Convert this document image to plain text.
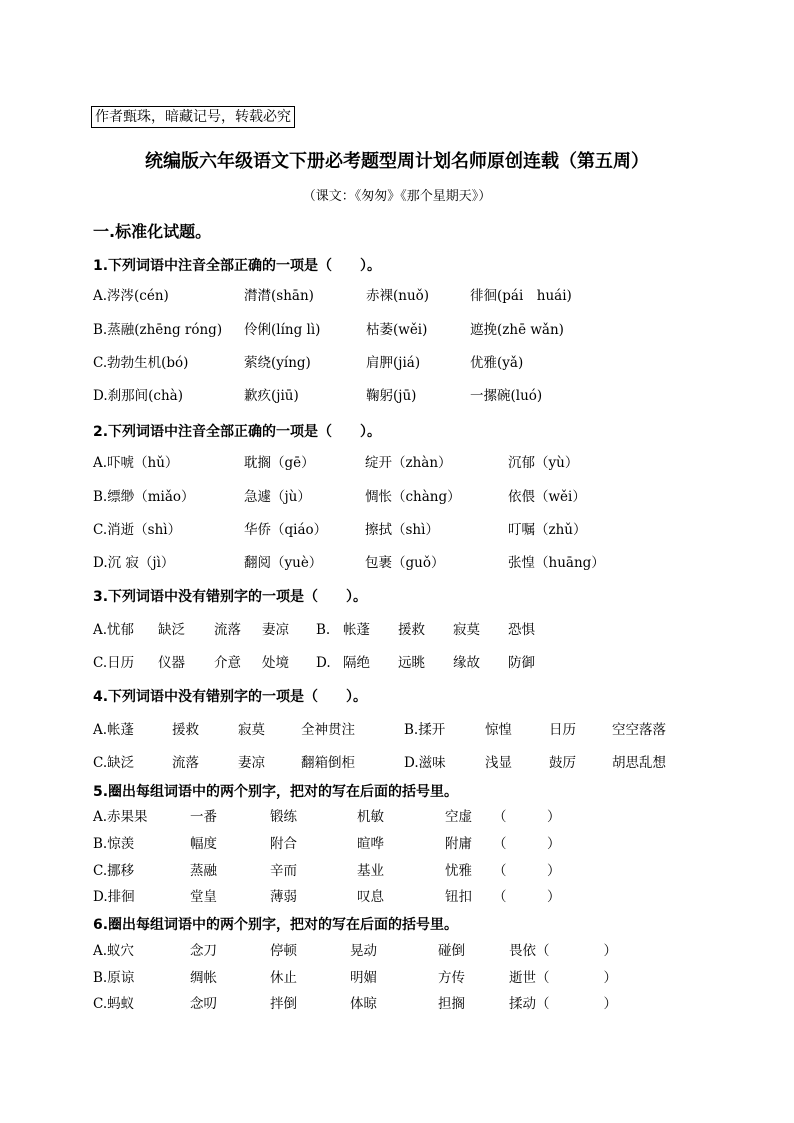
作者甄珠，暗藏记号，转载必究
统编版六年级语文下册必考题型周计划名师原创连载（第五周）
（课文：《匆匆》《那个星期天》）
一.标准化试题。
1.下列词语中注音全部正确的一项是（　　）。
A.涔涔(cén)	潸潸(shān)	赤裸(nuǒ)	徘徊(pái　huái)
B.蒸融(zhēng róng) 伶俐(líng lì)	枯萎(wěi)	遮挽(zhē wǎn)
C.勃勃生机(bó)	萦绕(yíng)	肩胛(jiá)	优雅(yǎ)
D.刹那间(chà)	歉疚(jiū)	鞠躬(jū)	一摞碗(luó)
2.下列词语中注音全部正确的一项是（　　）。
A.吓唬（hǔ）	耽搁（gē）	绽开（zhàn）	沉郁（yù）
B.缥缈（miǎo）	急遽（jù）	惆怅（chàng）	依偎（wěi）
C.消逝（shì）	华侨（qiáo）	擦拭（shì）	叮嘱（zhǔ）
D.沉 寂（jì）	翻阅（yuè）	包裹（guǒ）	张惶（huāng）
3.下列词语中没有错别字的一项是（　　）。
A.忧郁 缺泛 流落 妻凉 B. 帐蓬 援救 寂莫 恐惧
C.日历 仪器 介意 处境 D. 隔绝 远眺 缘故 防御
4.下列词语中没有错别字的一项是（　　）。
A.帐蓬	援救	寂莫	全神贯注	B.揉开	惊惶	日历	空空落落
C.缺泛	流落	妻凉	翻箱倒柜	D.滋味	浅显	鼓厉	胡思乱想
5.圈出每组词语中的两个别字，把对的写在后面的括号里。
A.赤果果	一番	锻练	机敏	空虚 （　　　）
B.惊羡	幅度	附合	暄哗	附庸 （　　　）
C.挪移	蒸融	辛而	基业	忧雅 （　　　）
D.排徊	堂皇	薄弱	叹息	钮扣 （　　　）
6.圈出每组词语中的两个别字，把对的写在后面的括号里。
A.蚁穴	念刀	停顿	晃动	碰倒	畏依（　　　　）
B.原谅	绸帐	休止	明媚	方传	逝世（　　　　）
C.蚂蚁	念叨	拌倒	体晾	担搁	揉动（　　　　）
